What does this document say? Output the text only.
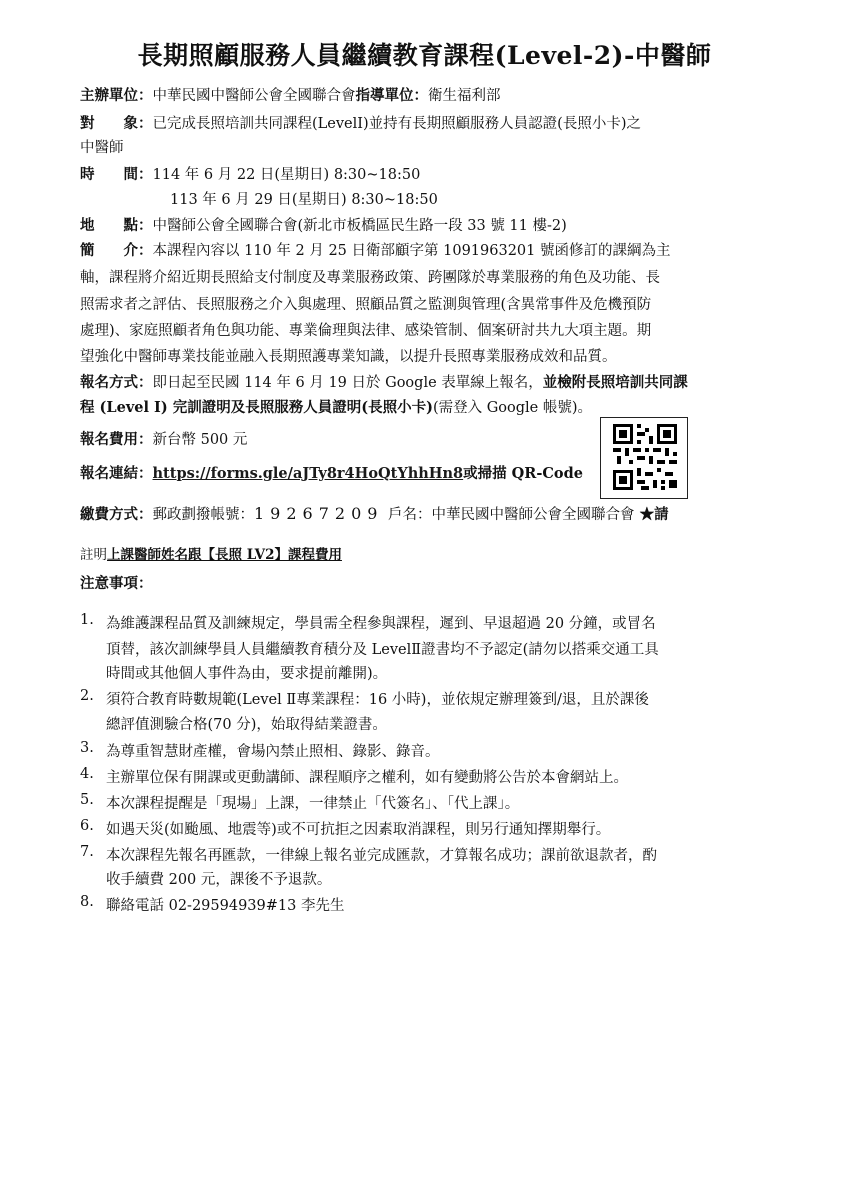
長期照顧服務人員繼續教育課程(Level-2)-中醫師
主辦單位：中華民國中醫師公會全國聯合會指導單位：衛生福利部
對　　象：已完成長照培訓共同課程(LevelⅠ)並持有長期照顧服務人員認證(長照小卡)之
中醫師
時　　間：114 年 6 月 22 日(星期日) 8:30~18:50
113 年 6 月 29 日(星期日) 8:30~18:50
地　　點：中醫師公會全國聯合會(新北市板橋區民生路一段 33 號 11 樓-2)
簡　　介：本課程內容以 110 年 2 月 25 日衛部顧字第 1091963201 號函修訂的課綱為主
軸，課程將介紹近期長照給支付制度及專業服務政策、跨團隊於專業服務的角色及功能、長
照需求者之評估、長照服務之介入與處理、照顧品質之監測與管理(含異常事件及危機預防
處理)、家庭照顧者角色與功能、專業倫理與法律、感染管制、個案研討共九大項主題。期
望強化中醫師專業技能並融入長期照護專業知識，以提升長照專業服務成效和品質。
報名方式：即日起至民國 114 年 6 月 19 日於 Google 表單線上報名，並檢附長照培訓共同課
程 (Level Ⅰ) 完訓證明及長照服務人員證明(長照小卡)(需登入 Google 帳號)。
報名費用：新台幣 500 元
報名連結：https://forms.gle/aJTy8r4HoQtYhhHn8或掃描 QR-Code
繳費方式：郵政劃撥帳號：19267209 戶名：中華民國中醫師公會全國聯合會 ★請
註明上課醫師姓名跟【長照 LV2】課程費用
注意事項：
1. 為維護課程品質及訓練規定，學員需全程參與課程，遲到、早退超過 20 分鐘，或冒名
頂替，該次訓練學員人員繼續教育積分及 LevelⅡ證書均不予認定(請勿以搭乘交通工具
時間或其他個人事件為由，要求提前離開)。
2. 須符合教育時數規範(Level Ⅱ專業課程：16 小時)，並依規定辦理簽到/退，且於課後
總評值測驗合格(70 分)，始取得結業證書。
3. 為尊重智慧財產權，會場內禁止照相、錄影、錄音。
4. 主辦單位保有開課或更動講師、課程順序之權利，如有變動將公告於本會網站上。
5. 本次課程提醒是「現場」上課，一律禁止「代簽名」、「代上課」。
6. 如遇天災(如颱風、地震等)或不可抗拒之因素取消課程，則另行通知擇期舉行。
7. 本次課程先報名再匯款，一律線上報名並完成匯款，才算報名成功；課前欲退款者，酌
收手續費 200 元，課後不予退款。
8. 聯絡電話 02-29594939#13 李先生
